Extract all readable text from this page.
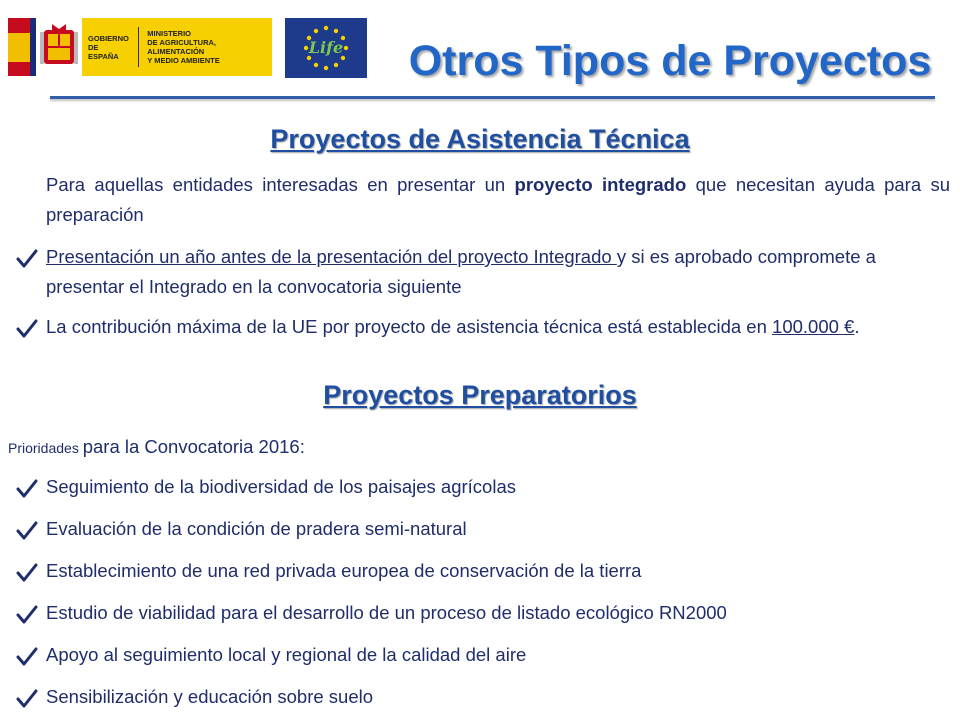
GOBIERNO
DE ESPAÑA
MINISTERIO
DE AGRICULTURA, ALIMENTACIÓN
Y MEDIO AMBIENTE
Life Otros Tipos de Proyectos
Proyectos de Asistencia Técnica
Para aquellas entidades interesadas en presentar un proyecto integrado que necesitan ayuda para su preparación
Presentación un año antes de la presentación del proyecto Integrado y si es aprobado compromete a presentar el Integrado en la convocatoria siguiente
La contribución máxima de la UE por proyecto de asistencia técnica está establecida en 100.000 €.
Proyectos Preparatorios
Prioridades para la Convocatoria 2016:
Seguimiento de la biodiversidad de los paisajes agrícolas
Evaluación de la condición de pradera semi-natural
Establecimiento de una red privada europea de conservación de la tierra
Estudio de viabilidad para el desarrollo de un proceso de listado ecológico RN2000
Apoyo al seguimiento local y regional de la calidad del aire
Sensibilización y educación sobre suelo
